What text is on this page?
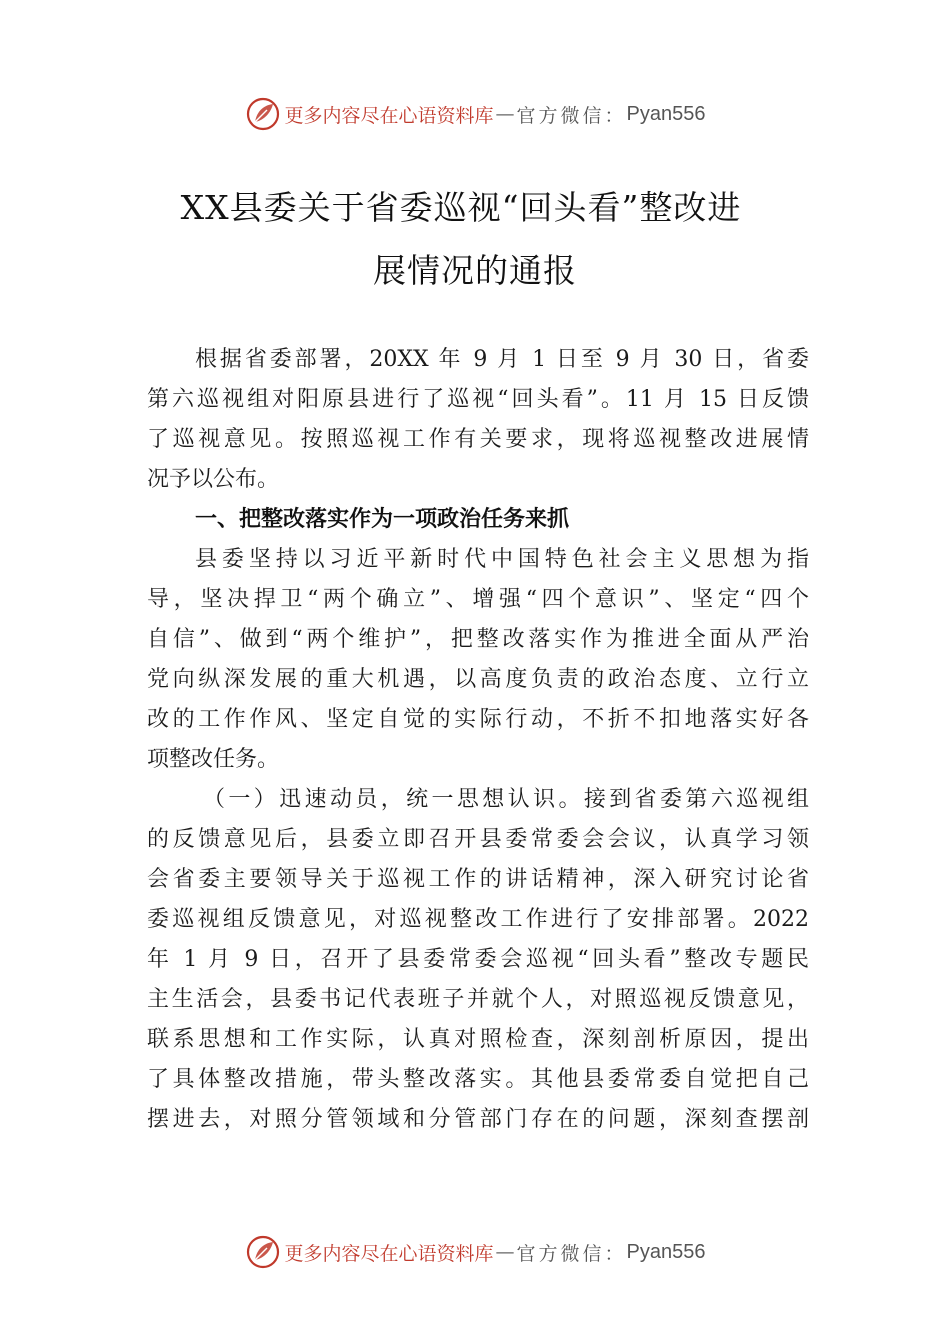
更多内容尽在心语资料库 — 官方微信： Pyan556
XX县委关于省委巡视“回头看”整改进
展情况的通报
根据省委部署，20XX 年 9 月 1 日至 9 月 30 日，省委
第六巡视组对阳原县进行了巡视“回头看”。11 月 15 日反馈
了巡视意见。按照巡视工作有关要求，现将巡视整改进展情
况予以公布。
一、把整改落实作为一项政治任务来抓
县委坚持以习近平新时代中国特色社会主义思想为指
导，坚决捍卫“两个确立”、增强“四个意识”、坚定“四个
自信”、做到“两个维护”，把整改落实作为推进全面从严治
党向纵深发展的重大机遇，以高度负责的政治态度、立行立
改的工作作风、坚定自觉的实际行动，不折不扣地落实好各
项整改任务。
（一）迅速动员，统一思想认识。接到省委第六巡视组
的反馈意见后，县委立即召开县委常委会会议，认真学习领
会省委主要领导关于巡视工作的讲话精神，深入研究讨论省
委巡视组反馈意见，对巡视整改工作进行了安排部署。2022
年 1 月 9 日，召开了县委常委会巡视“回头看”整改专题民
主生活会，县委书记代表班子并就个人，对照巡视反馈意见，
联系思想和工作实际，认真对照检查，深刻剖析原因，提出
了具体整改措施，带头整改落实。其他县委常委自觉把自己
摆进去，对照分管领域和分管部门存在的问题，深刻查摆剖
更多内容尽在心语资料库 — 官方微信： Pyan556
